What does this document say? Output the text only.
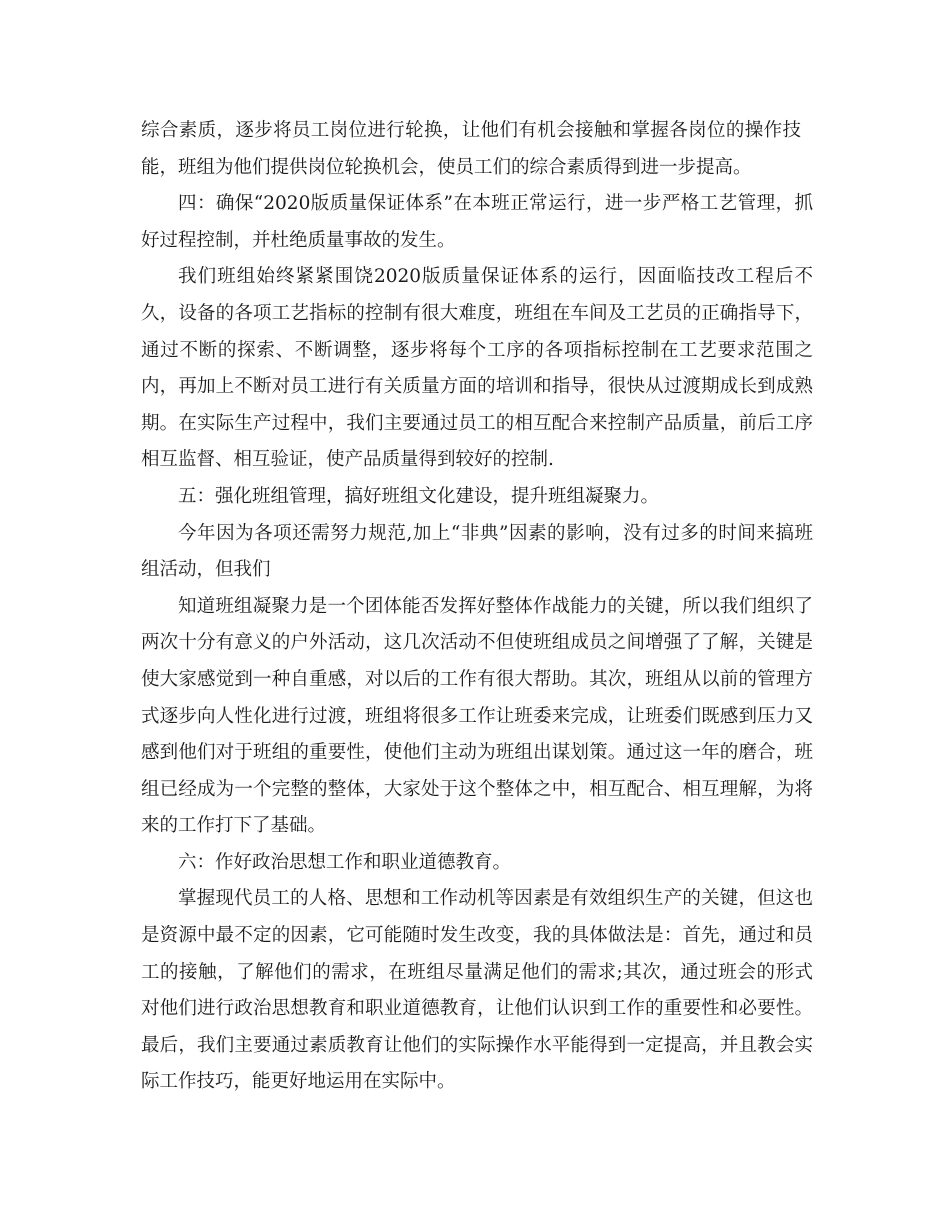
综合素质，逐步将员工岗位进行轮换，让他们有机会接触和掌握各岗位的操作技能，班组为他们提供岗位轮换机会，使员工们的综合素质得到进一步提高。

四：确保“2020版质量保证体系”在本班正常运行，进一步严格工艺管理，抓好过程控制，并杜绝质量事故的发生。

我们班组始终紧紧围饶2020版质量保证体系的运行，因面临技改工程后不久，设备的各项工艺指标的控制有很大难度，班组在车间及工艺员的正确指导下，通过不断的探索、不断调整，逐步将每个工序的各项指标控制在工艺要求范围之内，再加上不断对员工进行有关质量方面的培训和指导，很快从过渡期成长到成熟期。在实际生产过程中，我们主要通过员工的相互配合来控制产品质量，前后工序相互监督、相互验证，使产品质量得到较好的控制.

五：强化班组管理，搞好班组文化建设，提升班组凝聚力。

今年因为各项还需努力规范,加上“非典”因素的影响，没有过多的时间来搞班组活动，但我们

知道班组凝聚力是一个团体能否发挥好整体作战能力的关键，所以我们组织了两次十分有意义的户外活动，这几次活动不但使班组成员之间增强了了解，关键是使大家感觉到一种自重感，对以后的工作有很大帮助。其次，班组从以前的管理方式逐步向人性化进行过渡，班组将很多工作让班委来完成，让班委们既感到压力又感到他们对于班组的重要性，使他们主动为班组出谋划策。通过这一年的磨合，班组已经成为一个完整的整体，大家处于这个整体之中，相互配合、相互理解，为将来的工作打下了基础。

六：作好政治思想工作和职业道德教育。

掌握现代员工的人格、思想和工作动机等因素是有效组织生产的关键，但这也是资源中最不定的因素，它可能随时发生改变，我的具体做法是：首先，通过和员工的接触，了解他们的需求，在班组尽量满足他们的需求;其次，通过班会的形式对他们进行政治思想教育和职业道德教育，让他们认识到工作的重要性和必要性。最后，我们主要通过素质教育让他们的实际操作水平能得到一定提高，并且教会实际工作技巧，能更好地运用在实际中。
